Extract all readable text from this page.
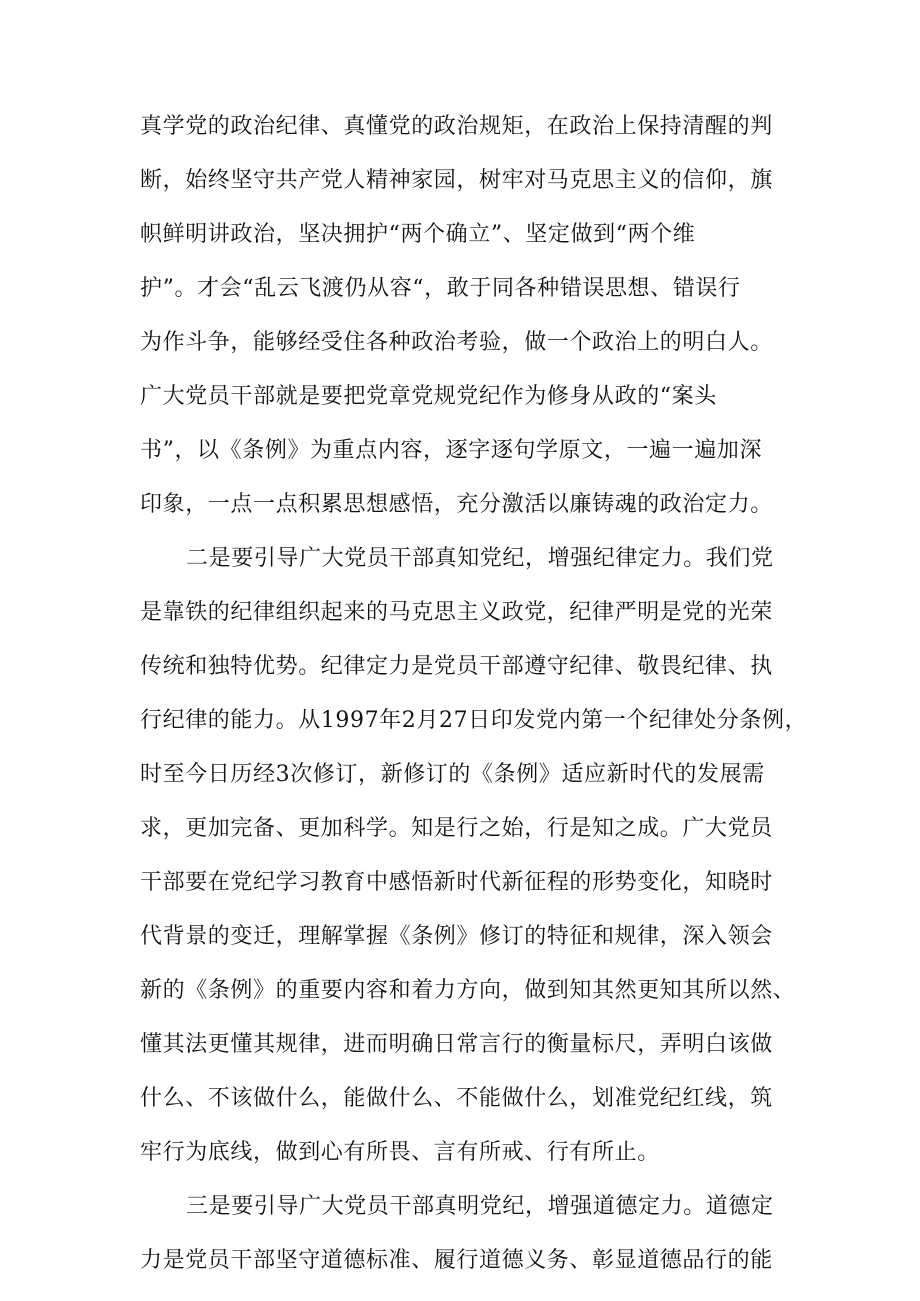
真学党的政治纪律、真懂党的政治规矩，在政治上保持清醒的判
断，始终坚守共产党人精神家园，树牢对马克思主义的信仰，旗
帜鲜明讲政治，坚决拥护“两个确立”、坚定做到“两个维
护”。才会“乱云飞渡仍从容“，敢于同各种错误思想、错误行
为作斗争，能够经受住各种政治考验，做一个政治上的明白人。
广大党员干部就是要把党章党规党纪作为修身从政的“案头
书”，以《条例》为重点内容，逐字逐句学原文，一遍一遍加深
印象，一点一点积累思想感悟，充分激活以廉铸魂的政治定力。
二是要引导广大党员干部真知党纪，增强纪律定力。我们党
是靠铁的纪律组织起来的马克思主义政党，纪律严明是党的光荣
传统和独特优势。纪律定力是党员干部遵守纪律、敬畏纪律、执
行纪律的能力。从1997年2月27日印发党内第一个纪律处分条例，
时至今日历经3次修订，新修订的《条例》适应新时代的发展需
求，更加完备、更加科学。知是行之始，行是知之成。广大党员
干部要在党纪学习教育中感悟新时代新征程的形势变化，知晓时
代背景的变迁，理解掌握《条例》修订的特征和规律，深入领会
新的《条例》的重要内容和着力方向，做到知其然更知其所以然、
懂其法更懂其规律，进而明确日常言行的衡量标尺，弄明白该做
什么、不该做什么，能做什么、不能做什么，划准党纪红线，筑
牢行为底线，做到心有所畏、言有所戒、行有所止。
三是要引导广大党员干部真明党纪，增强道德定力。道德定
力是党员干部坚守道德标准、履行道德义务、彰显道德品行的能
